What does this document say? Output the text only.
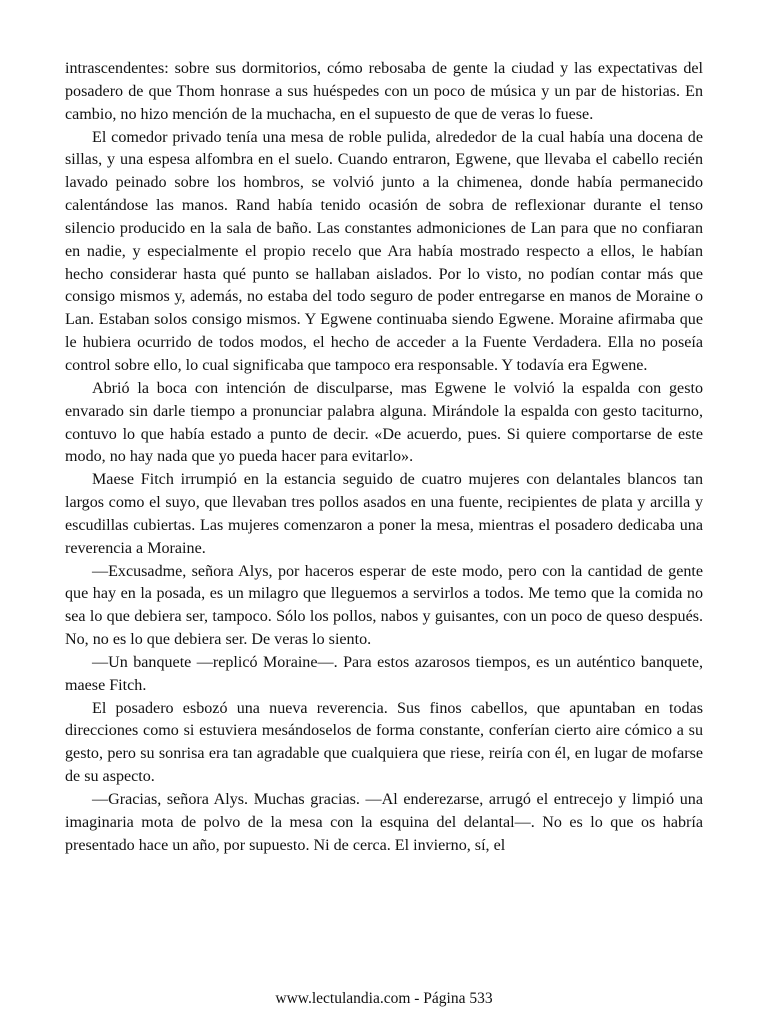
intrascendentes: sobre sus dormitorios, cómo rebosaba de gente la ciudad y las expectativas del posadero de que Thom honrase a sus huéspedes con un poco de música y un par de historias. En cambio, no hizo mención de la muchacha, en el supuesto de que de veras lo fuese.

El comedor privado tenía una mesa de roble pulida, alrededor de la cual había una docena de sillas, y una espesa alfombra en el suelo. Cuando entraron, Egwene, que llevaba el cabello recién lavado peinado sobre los hombros, se volvió junto a la chimenea, donde había permanecido calentándose las manos. Rand había tenido ocasión de sobra de reflexionar durante el tenso silencio producido en la sala de baño. Las constantes admoniciones de Lan para que no confiaran en nadie, y especialmente el propio recelo que Ara había mostrado respecto a ellos, le habían hecho considerar hasta qué punto se hallaban aislados. Por lo visto, no podían contar más que consigo mismos y, además, no estaba del todo seguro de poder entregarse en manos de Moraine o Lan. Estaban solos consigo mismos. Y Egwene continuaba siendo Egwene. Moraine afirmaba que le hubiera ocurrido de todos modos, el hecho de acceder a la Fuente Verdadera. Ella no poseía control sobre ello, lo cual significaba que tampoco era responsable. Y todavía era Egwene.

Abrió la boca con intención de disculparse, mas Egwene le volvió la espalda con gesto envarado sin darle tiempo a pronunciar palabra alguna. Mirándole la espalda con gesto taciturno, contuvo lo que había estado a punto de decir. «De acuerdo, pues. Si quiere comportarse de este modo, no hay nada que yo pueda hacer para evitarlo».

Maese Fitch irrumpió en la estancia seguido de cuatro mujeres con delantales blancos tan largos como el suyo, que llevaban tres pollos asados en una fuente, recipientes de plata y arcilla y escudillas cubiertas. Las mujeres comenzaron a poner la mesa, mientras el posadero dedicaba una reverencia a Moraine.

—Excusadme, señora Alys, por haceros esperar de este modo, pero con la cantidad de gente que hay en la posada, es un milagro que lleguemos a servirlos a todos. Me temo que la comida no sea lo que debiera ser, tampoco. Sólo los pollos, nabos y guisantes, con un poco de queso después. No, no es lo que debiera ser. De veras lo siento.

—Un banquete —replicó Moraine—. Para estos azarosos tiempos, es un auténtico banquete, maese Fitch.

El posadero esbozó una nueva reverencia. Sus finos cabellos, que apuntaban en todas direcciones como si estuviera mesándoselos de forma constante, conferían cierto aire cómico a su gesto, pero su sonrisa era tan agradable que cualquiera que riese, reiría con él, en lugar de mofarse de su aspecto.

—Gracias, señora Alys. Muchas gracias. —Al enderezarse, arrugó el entrecejo y limpió una imaginaria mota de polvo de la mesa con la esquina del delantal—. No es lo que os habría presentado hace un año, por supuesto. Ni de cerca. El invierno, sí, el

www.lectulandia.com - Página 533
